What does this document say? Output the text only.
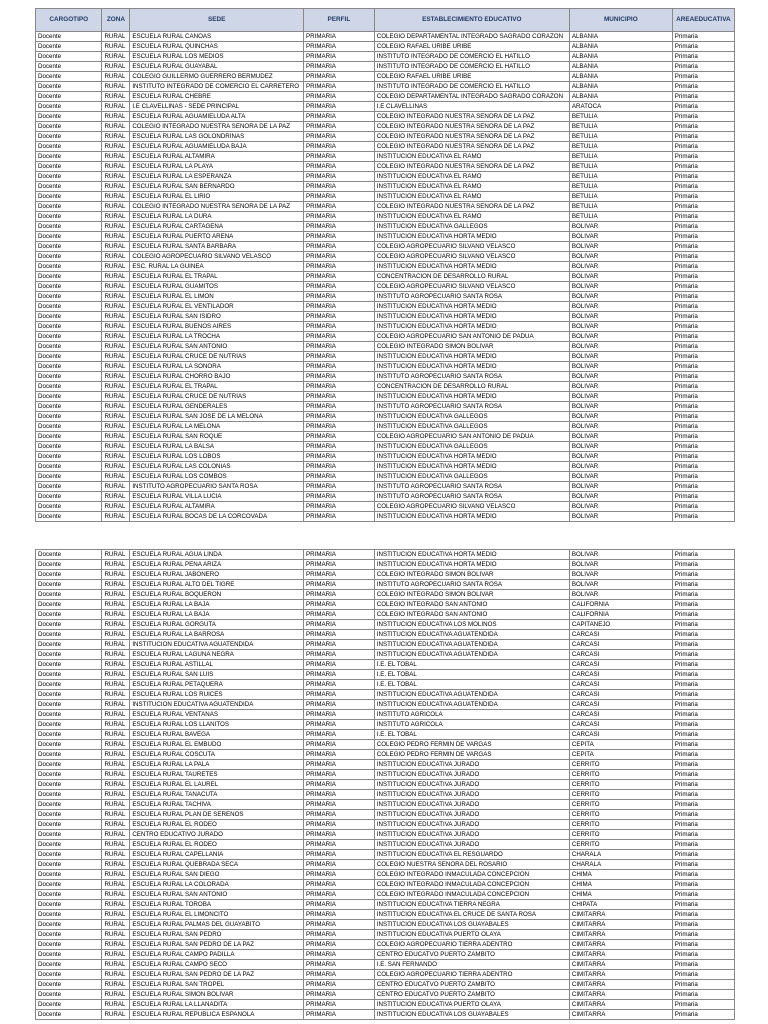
CARGOTIPO	ZONA	SEDE	PERFIL	ESTABLECIMIENTO EDUCATIVO	MUNICIPIO	AREAEDUCATIVA
Docente	RURAL	ESCUELA RURAL CANOAS	PRIMARIA	COLEGIO DEPARTAMENTAL INTEGRADO SAGRADO CORAZON	ALBANIA	Primaria
Docente	RURAL	ESCUELA RURAL QUINCHAS	PRIMARIA	COLEGIO RAFAEL URIBE URIBE	ALBANIA	Primaria
Docente	RURAL	ESCUELA RURAL LOS MEDIOS	PRIMARIA	INSTITUTO INTEGRADO DE COMERCIO EL HATILLO	ALBANIA	Primaria
Docente	RURAL	ESCUELA RURAL GUAYABAL	PRIMARIA	INSTITUTO INTEGRADO DE COMERCIO EL HATILLO	ALBANIA	Primaria
Docente	RURAL	COLEGIO GUILLERMO GUERRERO BERMUDEZ	PRIMARIA	COLEGIO RAFAEL URIBE URIBE	ALBANIA	Primaria
Docente	RURAL	INSTITUTO INTEGRADO DE COMERCIO EL CARRETERO	PRIMARIA	INSTITUTO INTEGRADO DE COMERCIO EL HATILLO	ALBANIA	Primaria
Docente	RURAL	ESCUELA RURAL CHEBRE	PRIMARIA	COLEGIO DEPARTAMENTAL INTEGRADO SAGRADO CORAZON	ALBANIA	Primaria
Docente	RURAL	I.E CLAVELLINAS - SEDE PRINCIPAL	PRIMARIA	I.E CLAVELLINAS	ARATOCA	Primaria
Docente	RURAL	ESCUELA RURAL AGUAMIELUDA ALTA	PRIMARIA	COLEGIO INTEGRADO NUESTRA SENORA DE LA PAZ	BETULIA	Primaria
Docente	RURAL	COLEGIO INTEGRADO NUESTRA SENORA DE LA PAZ	PRIMARIA	COLEGIO INTEGRADO NUESTRA SENORA DE LA PAZ	BETULIA	Primaria
Docente	RURAL	ESCUELA RURAL LAS GOLONDRINAS	PRIMARIA	COLEGIO INTEGRADO NUESTRA SENORA DE LA PAZ	BETULIA	Primaria
Docente	RURAL	ESCUELA RURAL AGUAMIELUDA BAJA	PRIMARIA	COLEGIO INTEGRADO NUESTRA SENORA DE LA PAZ	BETULIA	Primaria
Docente	RURAL	ESCUELA RURAL ALTAMIRA	PRIMARIA	INSTITUCION EDUCATIVA EL RAMO	BETULIA	Primaria
Docente	RURAL	ESCUELA RURAL LA PLAYA	PRIMARIA	COLEGIO INTEGRADO NUESTRA SENORA DE LA PAZ	BETULIA	Primaria
Docente	RURAL	ESCUELA RURAL LA ESPERANZA	PRIMARIA	INSTITUCION EDUCATIVA EL RAMO	BETULIA	Primaria
Docente	RURAL	ESCUELA RURAL SAN BERNARDO	PRIMARIA	INSTITUCION EDUCATIVA EL RAMO	BETULIA	Primaria
Docente	RURAL	ESCUELA RURAL EL LIRIO	PRIMARIA	INSTITUCION EDUCATIVA EL RAMO	BETULIA	Primaria
Docente	RURAL	COLEGIO INTEGRADO NUESTRA SENORA DE LA PAZ	PRIMARIA	COLEGIO INTEGRADO NUESTRA SENORA DE LA PAZ	BETULIA	Primaria
Docente	RURAL	ESCUELA RURAL LA DURA	PRIMARIA	INSTITUCION EDUCATIVA EL RAMO	BETULIA	Primaria
Docente	RURAL	ESCUELA RURAL CARTAGENA	PRIMARIA	INSTITUCION EDUCATIVA GALLEGOS	BOLIVAR	Primaria
Docente	RURAL	ESCUELA RURAL PUERTO ARENA	PRIMARIA	INSTITUCION EDUCATIVA HORTA MEDIO	BOLIVAR	Primaria
Docente	RURAL	ESCUELA RURAL SANTA BARBARA	PRIMARIA	COLEGIO AGROPECUARIO SILVANO VELASCO	BOLIVAR	Primaria
Docente	RURAL	COLEGIO AGROPECUARIO SILVANO VELASCO	PRIMARIA	COLEGIO AGROPECUARIO SILVANO VELASCO	BOLIVAR	Primaria
Docente	RURAL	ESC. RURAL LA GUINEA	PRIMARIA	INSTITUCION EDUCATIVA HORTA MEDIO	BOLIVAR	Primaria
Docente	RURAL	ESCUELA RURAL EL TRAPAL	PRIMARIA	CONCENTRACION DE DESARROLLO RURAL	BOLIVAR	Primaria
Docente	RURAL	ESCUELA RURAL GUAMITOS	PRIMARIA	COLEGIO AGROPECUARIO SILVANO VELASCO	BOLIVAR	Primaria
Docente	RURAL	ESCUELA RURAL EL LIMON	PRIMARIA	INSTITUTO AGROPECUARIO SANTA ROSA	BOLIVAR	Primaria
Docente	RURAL	ESCUELA RURAL EL VENTILADOR	PRIMARIA	INSTITUCION EDUCATIVA HORTA MEDIO	BOLIVAR	Primaria
Docente	RURAL	ESCUELA RURAL SAN ISIDRO	PRIMARIA	INSTITUCION EDUCATIVA HORTA MEDIO	BOLIVAR	Primaria
Docente	RURAL	ESCUELA RURAL BUENOS AIRES	PRIMARIA	INSTITUCION EDUCATIVA HORTA MEDIO	BOLIVAR	Primaria
Docente	RURAL	ESCUELA RURAL LA TROCHA	PRIMARIA	COLEGIO AGROPECUARIO SAN ANTONIO DE PADUA	BOLIVAR	Primaria
Docente	RURAL	ESCUELA RURAL SAN ANTONIO	PRIMARIA	COLEGIO INTEGRADO SIMON BOLIVAR	BOLIVAR	Primaria
Docente	RURAL	ESCUELA RURAL CRUCE DE NUTRIAS	PRIMARIA	INSTITUCION EDUCATIVA HORTA MEDIO	BOLIVAR	Primaria
Docente	RURAL	ESCUELA RURAL LA SONORA	PRIMARIA	INSTITUCION EDUCATIVA HORTA MEDIO	BOLIVAR	Primaria
Docente	RURAL	ESCUELA RURAL CHORRO BAJO	PRIMARIA	INSTITUTO AGROPECUARIO SANTA ROSA	BOLIVAR	Primaria
Docente	RURAL	ESCUELA RURAL EL TRAPAL	PRIMARIA	CONCENTRACION DE DESARROLLO RURAL	BOLIVAR	Primaria
Docente	RURAL	ESCUELA RURAL CRUCE DE NUTRIAS	PRIMARIA	INSTITUCION EDUCATIVA HORTA MEDIO	BOLIVAR	Primaria
Docente	RURAL	ESCUELA RURAL GENDERALES	PRIMARIA	INSTITUTO AGROPECUARIO SANTA ROSA	BOLIVAR	Primaria
Docente	RURAL	ESCUELA RURAL SAN JOSE DE LA MELONA	PRIMARIA	INSTITUCION EDUCATIVA GALLEGOS	BOLIVAR	Primaria
Docente	RURAL	ESCUELA RURAL LA MELONA	PRIMARIA	INSTITUCION EDUCATIVA GALLEGOS	BOLIVAR	Primaria
Docente	RURAL	ESCUELA RURAL SAN ROQUE	PRIMARIA	COLEGIO AGROPECUARIO SAN ANTONIO DE PADUA	BOLIVAR	Primaria
Docente	RURAL	ESCUELA RURAL LA BALSA	PRIMARIA	INSTITUCION EDUCATIVA GALLEGOS	BOLIVAR	Primaria
Docente	RURAL	ESCUELA RURAL LOS LOBOS	PRIMARIA	INSTITUCION EDUCATIVA HORTA MEDIO	BOLIVAR	Primaria
Docente	RURAL	ESCUELA RURAL LAS COLONIAS	PRIMARIA	INSTITUCION EDUCATIVA HORTA MEDIO	BOLIVAR	Primaria
Docente	RURAL	ESCUELA RURAL LOS COMBOS	PRIMARIA	INSTITUCION EDUCATIVA GALLEGOS	BOLIVAR	Primaria
Docente	RURAL	INSTITUTO AGROPECUARIO SANTA ROSA	PRIMARIA	INSTITUTO AGROPECUARIO SANTA ROSA	BOLIVAR	Primaria
Docente	RURAL	ESCUELA RURAL VILLA LUCIA	PRIMARIA	INSTITUTO AGROPECUARIO SANTA ROSA	BOLIVAR	Primaria
Docente	RURAL	ESCUELA RURAL ALTAMIRA	PRIMARIA	COLEGIO AGROPECUARIO SILVANO VELASCO	BOLIVAR	Primaria
Docente	RURAL	ESCUELA RURAL BOCAS DE LA CORCOVADA	PRIMARIA	INSTITUCION EDUCATIVA HORTA MEDIO	BOLIVAR	Primaria
Docente	RURAL	ESCUELA RURAL AGUA LINDA	PRIMARIA	INSTITUCION EDUCATIVA HORTA MEDIO	BOLIVAR	Primaria
Docente	RURAL	ESCUELA RURAL PENA ARIZA	PRIMARIA	INSTITUCION EDUCATIVA HORTA MEDIO	BOLIVAR	Primaria
Docente	RURAL	ESCUELA RURAL JABONERO	PRIMARIA	COLEGIO INTEGRADO SIMON BOLIVAR	BOLIVAR	Primaria
Docente	RURAL	ESCUELA RURAL ALTO DEL TIGRE	PRIMARIA	INSTITUTO AGROPECUARIO SANTA ROSA	BOLIVAR	Primaria
Docente	RURAL	ESCUELA RURAL BOQUERON	PRIMARIA	COLEGIO INTEGRADO SIMON BOLIVAR	BOLIVAR	Primaria
Docente	RURAL	ESCUELA RURAL LA BAJA	PRIMARIA	COLEGIO INTEGRADO SAN ANTONIO	CALIFORNIA	Primaria
Docente	RURAL	ESCUELA RURAL LA BAJA	PRIMARIA	COLEGIO INTEGRADO SAN ANTONIO	CALIFORNIA	Primaria
Docente	RURAL	ESCUELA RURAL GORGUTA	PRIMARIA	INSTITUCION EDUCATIVA LOS MOLINOS	CAPITANEJO	Primaria
Docente	RURAL	ESCUELA RURAL LA BARROSA	PRIMARIA	INSTITUCION EDUCATIVA AGUATENDIDA	CARCASI	Primaria
Docente	RURAL	INSTITUCION EDUCATIVA AGUATENDIDA	PRIMARIA	INSTITUCION EDUCATIVA AGUATENDIDA	CARCASI	Primaria
Docente	RURAL	ESCUELA RURAL LAGUNA NEGRA	PRIMARIA	INSTITUCION EDUCATIVA AGUATENDIDA	CARCASI	Primaria
Docente	RURAL	ESCUELA RURAL ASTILLAL	PRIMARIA	I.E. EL TOBAL	CARCASI	Primaria
Docente	RURAL	ESCUELA RURAL SAN LUIS	PRIMARIA	I.E. EL TOBAL	CARCASI	Primaria
Docente	RURAL	ESCUELA RURAL PETAQUERA	PRIMARIA	I.E. EL TOBAL	CARCASI	Primaria
Docente	RURAL	ESCUELA RURAL LOS RUICES	PRIMARIA	INSTITUCION EDUCATIVA AGUATENDIDA	CARCASI	Primaria
Docente	RURAL	INSTITUCION EDUCATIVA AGUATENDIDA	PRIMARIA	INSTITUCION EDUCATIVA AGUATENDIDA	CARCASI	Primaria
Docente	RURAL	ESCUELA RURAL VENTANAS	PRIMARIA	INSTITUTO AGRICOLA	CARCASI	Primaria
Docente	RURAL	ESCUELA RURAL LOS LLANITOS	PRIMARIA	INSTITUTO AGRICOLA	CARCASI	Primaria
Docente	RURAL	ESCUELA RURAL BAVEGA	PRIMARIA	I.E. EL TOBAL	CARCASI	Primaria
Docente	RURAL	ESCUELA RURAL EL EMBUDO	PRIMARIA	COLEGIO PEDRO FERMIN DE VARGAS	CEPITA	Primaria
Docente	RURAL	ESCUELA RURAL COSCUTA	PRIMARIA	COLEGIO PEDRO FERMIN DE VARGAS	CEPITA	Primaria
Docente	RURAL	ESCUELA RURAL LA PALA	PRIMARIA	INSTITUCION EDUCATIVA JURADO	CERRITO	Primaria
Docente	RURAL	ESCUELA RURAL TAURETES	PRIMARIA	INSTITUCION EDUCATIVA JURADO	CERRITO	Primaria
Docente	RURAL	ESCUELA RURAL EL LAUREL	PRIMARIA	INSTITUCION EDUCATIVA JURADO	CERRITO	Primaria
Docente	RURAL	ESCUELA RURAL TANACUTA	PRIMARIA	INSTITUCION EDUCATIVA JURADO	CERRITO	Primaria
Docente	RURAL	ESCUELA RURAL TACHIVA	PRIMARIA	INSTITUCION EDUCATIVA JURADO	CERRITO	Primaria
Docente	RURAL	ESCUELA RURAL PLAN DE SERENOS	PRIMARIA	INSTITUCION EDUCATIVA JURADO	CERRITO	Primaria
Docente	RURAL	ESCUELA RURAL EL RODEO	PRIMARIA	INSTITUCION EDUCATIVA JURADO	CERRITO	Primaria
Docente	RURAL	CENTRO EDUCATIVO JURADO	PRIMARIA	INSTITUCION EDUCATIVA JURADO	CERRITO	Primaria
Docente	RURAL	ESCUELA RURAL EL RODEO	PRIMARIA	INSTITUCION EDUCATIVA JURADO	CERRITO	Primaria
Docente	RURAL	ESCUELA RURAL CAPELLANIA	PRIMARIA	INSTITUCION EDUCATIVA EL RESGUARDO	CHARALA	Primaria
Docente	RURAL	ESCUELA RURAL QUEBRADA SECA	PRIMARIA	COLEGIO NUESTRA SENORA DEL ROSARIO	CHARALA	Primaria
Docente	RURAL	ESCUELA RURAL SAN DIEGO	PRIMARIA	COLEGIO INTEGRADO INMACULADA CONCEPCION	CHIMA	Primaria
Docente	RURAL	ESCUELA RURAL LA COLORADA	PRIMARIA	COLEGIO INTEGRADO INMACULADA CONCEPCION	CHIMA	Primaria
Docente	RURAL	ESCUELA RURAL SAN ANTONIO	PRIMARIA	COLEGIO INTEGRADO INMACULADA CONCEPCION	CHIMA	Primaria
Docente	RURAL	ESCUELA RURAL TOROBA	PRIMARIA	INSTITUCION EDUCATIVA TIERRA NEGRA	CHIPATA	Primaria
Docente	RURAL	ESCUELA RURAL EL LIMONCITO	PRIMARIA	INSTITUCION EDUCATIVA EL CRUCE DE SANTA ROSA	CIMITARRA	Primaria
Docente	RURAL	ESCUELA RURAL PALMAS DEL GUAYABITO	PRIMARIA	INSTITUCION EDUCATIVA LOS GUAYABALES	CIMITARRA	Primaria
Docente	RURAL	ESCUELA RURAL SAN PEDRO	PRIMARIA	INSTITUCION EDUCATIVA PUERTO OLAYA	CIMITARRA	Primaria
Docente	RURAL	ESCUELA RURAL SAN PEDRO DE LA PAZ	PRIMARIA	COLEGIO AGROPECUARIO TIERRA ADENTRO	CIMITARRA	Primaria
Docente	RURAL	ESCUELA RURAL CAMPO PADILLA	PRIMARIA	CENTRO EDUCATVO PUERTO ZAMBITO	CIMITARRA	Primaria
Docente	RURAL	ESCUELA RURAL CAMPO SECO	PRIMARIA	I.E. SAN FERNANDO	CIMITARRA	Primaria
Docente	RURAL	ESCUELA RURAL SAN PEDRO DE LA PAZ	PRIMARIA	COLEGIO AGROPECUARIO TIERRA ADENTRO	CIMITARRA	Primaria
Docente	RURAL	ESCUELA RURAL SAN TROPEL	PRIMARIA	CENTRO EDUCATVO PUERTO ZAMBITO	CIMITARRA	Primaria
Docente	RURAL	ESCUELA RURAL SIMON BOLIVAR	PRIMARIA	CENTRO EDUCATVO PUERTO ZAMBITO	CIMITARRA	Primaria
Docente	RURAL	ESCUELA RURAL LA LLANADITA	PRIMARIA	INSTITUCION EDUCATIVA PUERTO OLAYA	CIMITARRA	Primaria
Docente	RURAL	ESCUELA RURAL REPUBLICA ESPANOLA	PRIMARIA	INSTITUCION EDUCATIVA LOS GUAYABALES	CIMITARRA	Primaria
